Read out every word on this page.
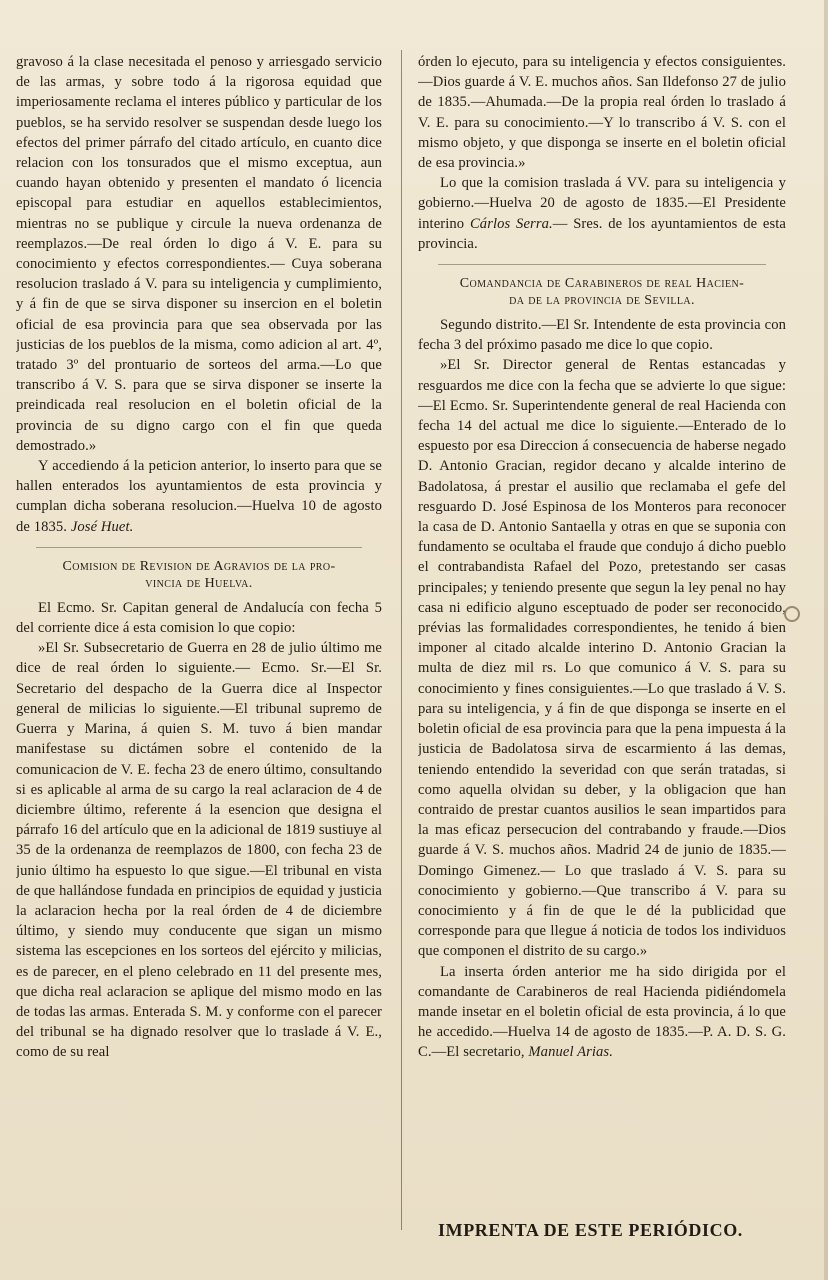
gravoso á la clase necesitada el penoso y arriesgado servicio de las armas, y sobre todo á la rigorosa equidad que imperiosamente reclama el interes público y particular de los pueblos, se ha servido resolver se suspendan desde luego los efectos del primer párrafo del citado artículo, en cuanto dice relacion con los tonsurados que el mismo exceptua, aun cuando hayan obtenido y presenten el mandato ó licencia episcopal para estudiar en aquellos establecimientos, mientras no se publique y circule la nueva ordenanza de reemplazos.—De real órden lo digo á V. E. para su conocimiento y efectos correspondientes.— Cuya soberana resolucion traslado á V. para su inteligencia y cumplimiento, y á fin de que se sirva disponer su insercion en el boletin oficial de esa provincia para que sea observada por las justicias de los pueblos de la misma, como adicion al art. 4º, tratado 3º del prontuario de sorteos del arma.—Lo que transcribo á V. S. para que se sirva disponer se inserte la preindicada real resolucion en el boletin oficial de la provincia de su digno cargo con el fin que queda demostrado.»

Y accediendo á la peticion anterior, lo inserto para que se hallen enterados los ayuntamientos de esta provincia y cumplan dicha soberana resolucion.—Huelva 10 de agosto de 1835. José Huet.

Comision de Revision de Agravios de la pro-
vincia de Huelva.

El Ecmo. Sr. Capitan general de Andalucía con fecha 5 del corriente dice á esta comision lo que copio:

»El Sr. Subsecretario de Guerra en 28 de julio último me dice de real órden lo siguiente.— Ecmo. Sr.—El Sr. Secretario del despacho de la Guerra dice al Inspector general de milicias lo siguiente.—El tribunal supremo de Guerra y Marina, á quien S. M. tuvo á bien mandar manifestase su dictámen sobre el contenido de la comunicacion de V. E. fecha 23 de enero último, consultando si es aplicable al arma de su cargo la real aclaracion de 4 de diciembre último, referente á la esencion que designa el párrafo 16 del artículo que en la adicional de 1819 sustiuye al 35 de la ordenanza de reemplazos de 1800, con fecha 23 de junio último ha espuesto lo que sigue.—El tribunal en vista de que hallándose fundada en principios de equidad y justicia la aclaracion hecha por la real órden de 4 de diciembre último, y siendo muy conducente que sigan un mismo sistema las escepciones en los sorteos del ejército y milicias, es de parecer, en el pleno celebrado en 11 del presente mes, que dicha real aclaracion se aplique del mismo modo en las de todas las armas. Enterada S. M. y conforme con el parecer del tribunal se ha dignado resolver que lo traslade á V. E., como de su real

órden lo ejecuto, para su inteligencia y efectos consiguientes.—Dios guarde á V. E. muchos años. San Ildefonso 27 de julio de 1835.—Ahumada.—De la propia real órden lo traslado á V. E. para su conocimiento.—Y lo transcribo á V. S. con el mismo objeto, y que disponga se inserte en el boletin oficial de esa provincia.»

Lo que la comision traslada á VV. para su inteligencia y gobierno.—Huelva 20 de agosto de 1835.—El Presidente interino Cárlos Serra.— Sres. de los ayuntamientos de esta provincia.

Comandancia de Carabineros de real Hacien-
da de la provincia de Sevilla.

Segundo distrito.—El Sr. Intendente de esta provincia con fecha 3 del próximo pasado me dice lo que copio.

»El Sr. Director general de Rentas estancadas y resguardos me dice con la fecha que se advierte lo que sigue:—El Ecmo. Sr. Superintendente general de real Hacienda con fecha 14 del actual me dice lo siguiente.—Enterado de lo espuesto por esa Direccion á consecuencia de haberse negado D. Antonio Gracian, regidor decano y alcalde interino de Badolatosa, á prestar el ausilio que reclamaba el gefe del resguardo D. José Espinosa de los Monteros para reconocer la casa de D. Antonio Santaella y otras en que se suponia con fundamento se ocultaba el fraude que condujo á dicho pueblo el contrabandista Rafael del Pozo, pretestando ser casas principales; y teniendo presente que segun la ley penal no hay casa ni edificio alguno esceptuado de poder ser reconocido, prévias las formalidades correspondientes, he tenido á bien imponer al citado alcalde interino D. Antonio Gracian la multa de diez mil rs. Lo que comunico á V. S. para su conocimiento y fines consiguientes.—Lo que traslado á V. S. para su inteligencia, y á fin de que disponga se inserte en el boletin oficial de esa provincia para que la pena impuesta á la justicia de Badolatosa sirva de escarmiento á las demas, teniendo entendido la severidad con que serán tratadas, si como aquella olvidan su deber, y la obligacion que han contraido de prestar cuantos ausilios le sean impartidos para la mas eficaz persecucion del contrabando y fraude.—Dios guarde á V. S. muchos años. Madrid 24 de junio de 1835.—Domingo Gimenez.— Lo que traslado á V. S. para su conocimiento y gobierno.—Que transcribo á V. para su conocimiento y á fin de que le dé la publicidad que corresponde para que llegue á noticia de todos los individuos que componen el distrito de su cargo.»

La inserta órden anterior me ha sido dirigida por el comandante de Carabineros de real Hacienda pidiéndomela mande insetar en el boletin oficial de esta provincia, á lo que he accedido.—Huelva 14 de agosto de 1835.—P. A. D. S. G. C.—El secretario, Manuel Arias.

IMPRENTA DE ESTE PERIÓDICO.
